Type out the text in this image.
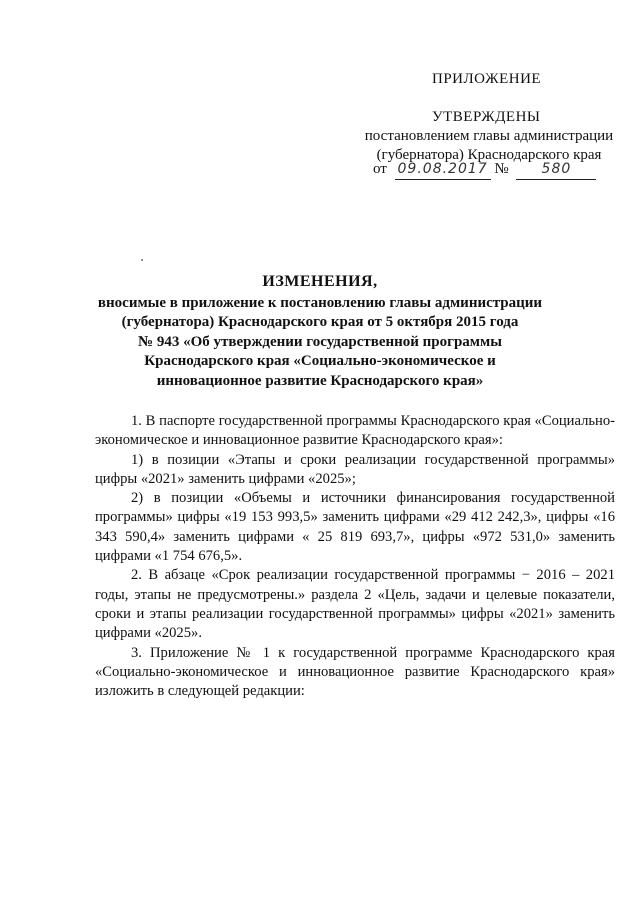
ПРИЛОЖЕНИЕ
УТВЕРЖДЕНЫ
постановлением главы администрации
(губернатора) Краснодарского края
от 09.08.2017 № 580
ИЗМЕНЕНИЯ,
вносимые в приложение к постановлению главы администрации
(губернатора) Краснодарского края от 5 октября 2015 года
№ 943 «Об утверждении государственной программы
Краснодарского края «Социально-экономическое и
инновационное развитие Краснодарского края»

1. В паспорте государственной программы Краснодарского края «Социально-экономическое и инновационное развитие Краснодарского края»:

1) в позиции «Этапы и сроки реализации государственной программы» цифры «2021» заменить цифрами «2025»;

2) в позиции «Объемы и источники финансирования государственной программы» цифры «19 153 993,5» заменить цифрами «29 412 242,3», цифры «16 343 590,4» заменить цифрами « 25 819 693,7», цифры «972 531,0» заменить цифрами «1 754 676,5».

2. В абзаце «Срок реализации государственной программы − 2016 – 2021 годы, этапы не предусмотрены.» раздела 2 «Цель, задачи и целевые показатели, сроки и этапы реализации государственной программы» цифры «2021» заменить цифрами «2025».

3. Приложение № 1 к государственной программе Краснодарского края «Социально-экономическое и инновационное развитие Краснодарского края» изложить в следующей редакции:
